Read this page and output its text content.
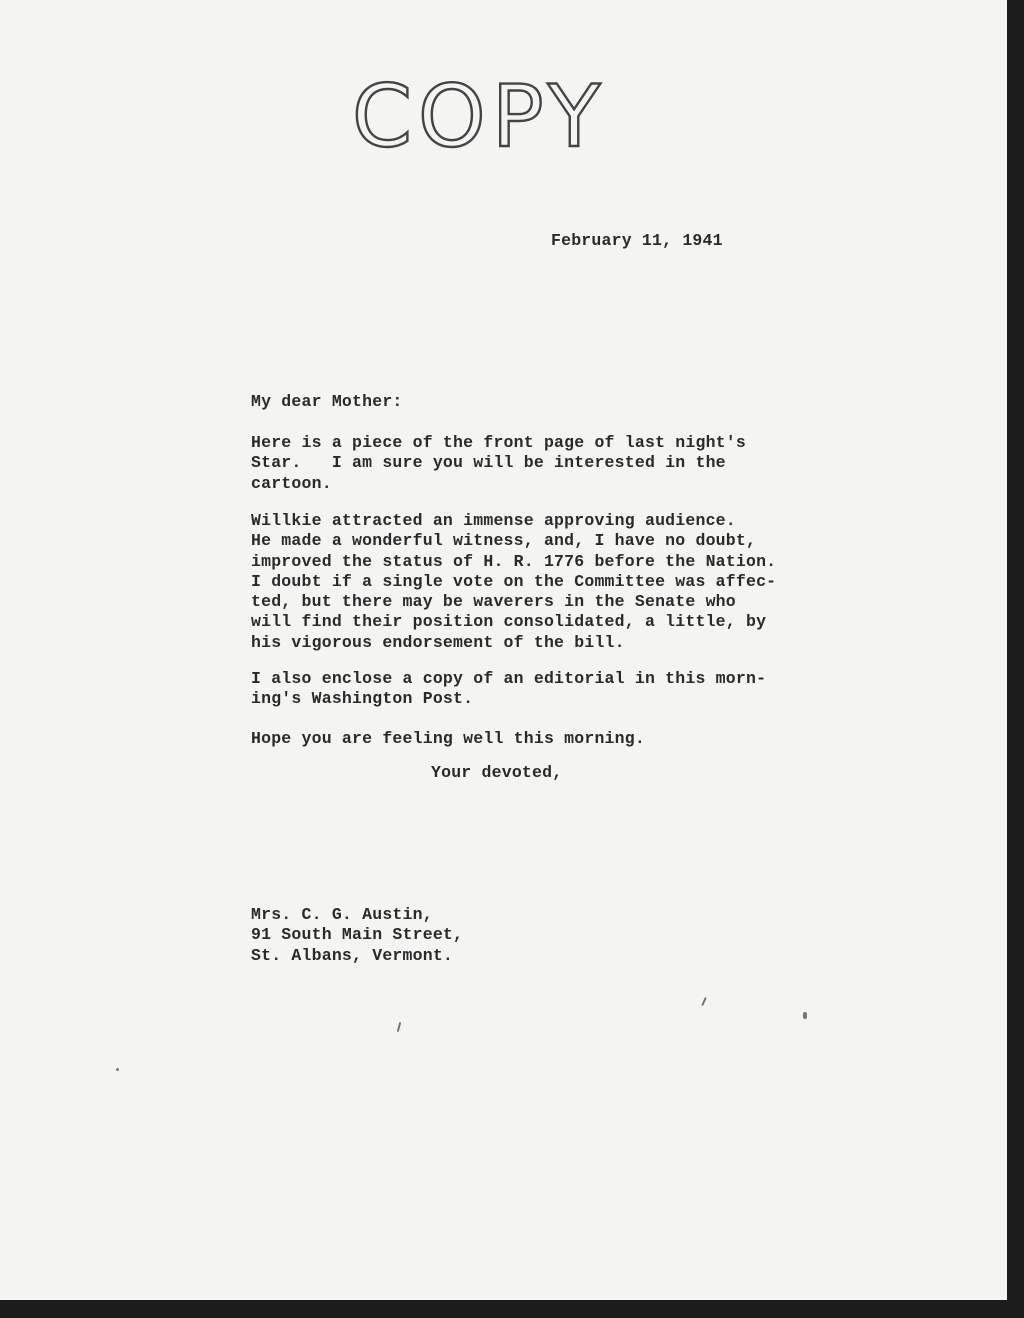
COPY
February 11, 1941
My dear Mother:
Here is a piece of the front page of last night's
Star.   I am sure you will be interested in the
cartoon.
Willkie attracted an immense approving audience.
He made a wonderful witness, and, I have no doubt,
improved the status of H. R. 1776 before the Nation.
I doubt if a single vote on the Committee was affec-
ted, but there may be waverers in the Senate who
will find their position consolidated, a little, by
his vigorous endorsement of the bill.
I also enclose a copy of an editorial in this morn-
ing's Washington Post.
Hope you are feeling well this morning.
Your devoted,
Mrs. C. G. Austin,
91 South Main Street,
St. Albans, Vermont.
